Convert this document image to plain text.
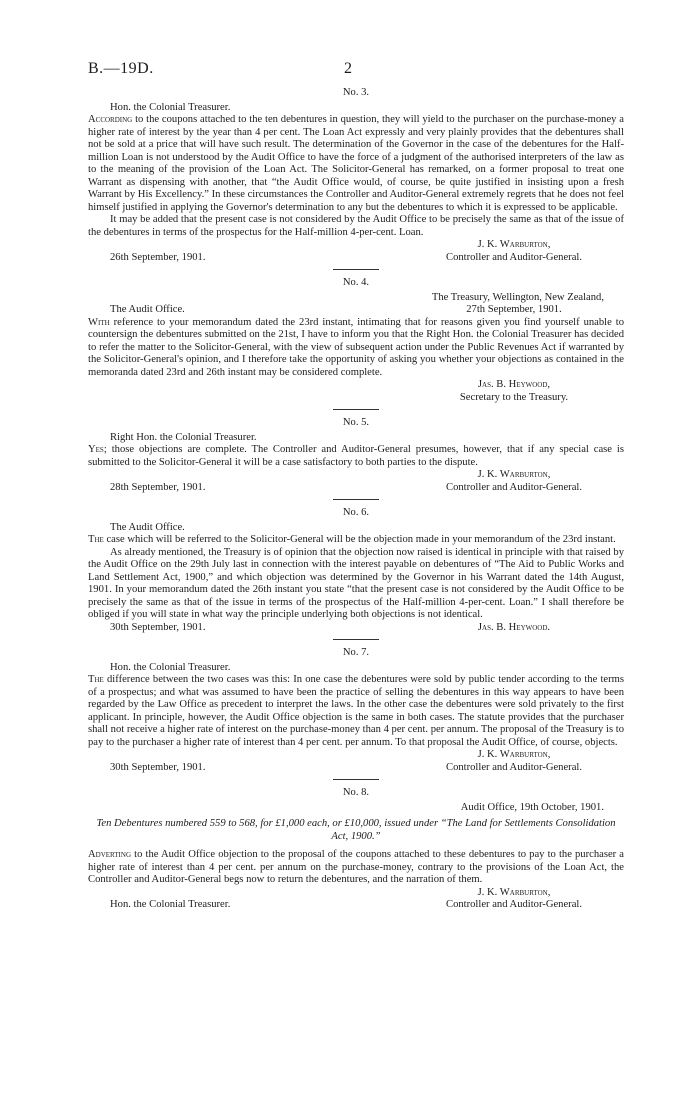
B.—19D.	2
No. 3.
Hon. the Colonial Treasurer.

According to the coupons attached to the ten debentures in question, they will yield to the purchaser on the purchase-money a higher rate of interest by the year than 4 per cent. The Loan Act expressly and very plainly provides that the debentures shall not be sold at a price that will have such result. The determination of the Governor in the case of the debentures for the Half-million Loan is not understood by the Audit Office to have the force of a judgment of the authorised interpreters of the law as to the meaning of the provision of the Loan Act. The Solicitor-General has remarked, on a former proposal to treat one Warrant as dispensing with another, that “the Audit Office would, of course, be quite justified in insisting upon a fresh Warrant by His Excellency.” In these circumstances the Controller and Auditor-General extremely regrets that he does not feel himself justified in applying the Governor's determination to any but the debentures to which it is expressed to be applicable.

It may be added that the present case is not considered by the Audit Office to be precisely the same as that of the issue of the debentures in terms of the prospectus for the Half-million 4-per-cent. Loan.

26th September, 1901.
J. K. Warburton,
Controller and Auditor-General.
No. 4.
The Treasury, Wellington, New Zealand,
The Audit Office.	27th September, 1901.

With reference to your memorandum dated the 23rd instant, intimating that for reasons given you find yourself unable to countersign the debentures submitted on the 21st, I have to inform you that the Right Hon. the Colonial Treasurer has decided to refer the matter to the Solicitor-General, with the view of subsequent action under the Public Revenues Act if warranted by the Solicitor-General's opinion, and I therefore take the opportunity of asking you whether your objections as contained in the memoranda dated 23rd and 26th instant may be considered complete.

Jas. B. Heywood,
Secretary to the Treasury.
No. 5.
Right Hon. the Colonial Treasurer.

Yes; those objections are complete. The Controller and Auditor-General presumes, however, that if any special case is submitted to the Solicitor-General it will be a case satisfactory to both parties to the dispute.

28th September, 1901.
J. K. Warburton,
Controller and Auditor-General.
No. 6.
The Audit Office.

The case which will be referred to the Solicitor-General will be the objection made in your memorandum of the 23rd instant.

As already mentioned, the Treasury is of opinion that the objection now raised is identical in principle with that raised by the Audit Office on the 29th July last in connection with the interest payable on debentures of “The Aid to Public Works and Land Settlement Act, 1900,” and which objection was determined by the Governor in his Warrant dated the 14th August, 1901. In your memorandum dated the 26th instant you state “that the present case is not considered by the Audit Office to be precisely the same as that of the issue in terms of the prospectus of the Half-million 4-per-cent. Loan.” I shall therefore be obliged if you will state in what way the principle underlying both objections is not identical.

30th September, 1901.	Jas. B. Heywood.
No. 7.
Hon. the Colonial Treasurer.

The difference between the two cases was this: In one case the debentures were sold by public tender according to the terms of a prospectus; and what was assumed to have been the practice of selling the debentures in this way appears to have been regarded by the Law Office as precedent to interpret the laws. In the other case the debentures were sold privately to the first applicant. In principle, however, the Audit Office objection is the same in both cases. The statute provides that the purchaser shall not receive a higher rate of interest on the purchase-money than 4 per cent. per annum. The proposal of the Treasury is to pay to the purchaser a higher rate of interest than 4 per cent. per annum. To that proposal the Audit Office, of course, objects.

30th September, 1901.
J. K. Warburton,
Controller and Auditor-General.
No. 8.
Audit Office, 19th October, 1901.
Ten Debentures numbered 559 to 568, for £1,000 each, or £10,000, issued under “The Land for Settlements Consolidation Act, 1900.”

Adverting to the Audit Office objection to the proposal of the coupons attached to these debentures to pay to the purchaser a higher rate of interest than 4 per cent. per annum on the purchase-money, contrary to the provisions of the Loan Act, the Controller and Auditor-General begs now to return the debentures, and the narration of them.

Hon. the Colonial Treasurer.
J. K. Warburton,
Controller and Auditor-General.
